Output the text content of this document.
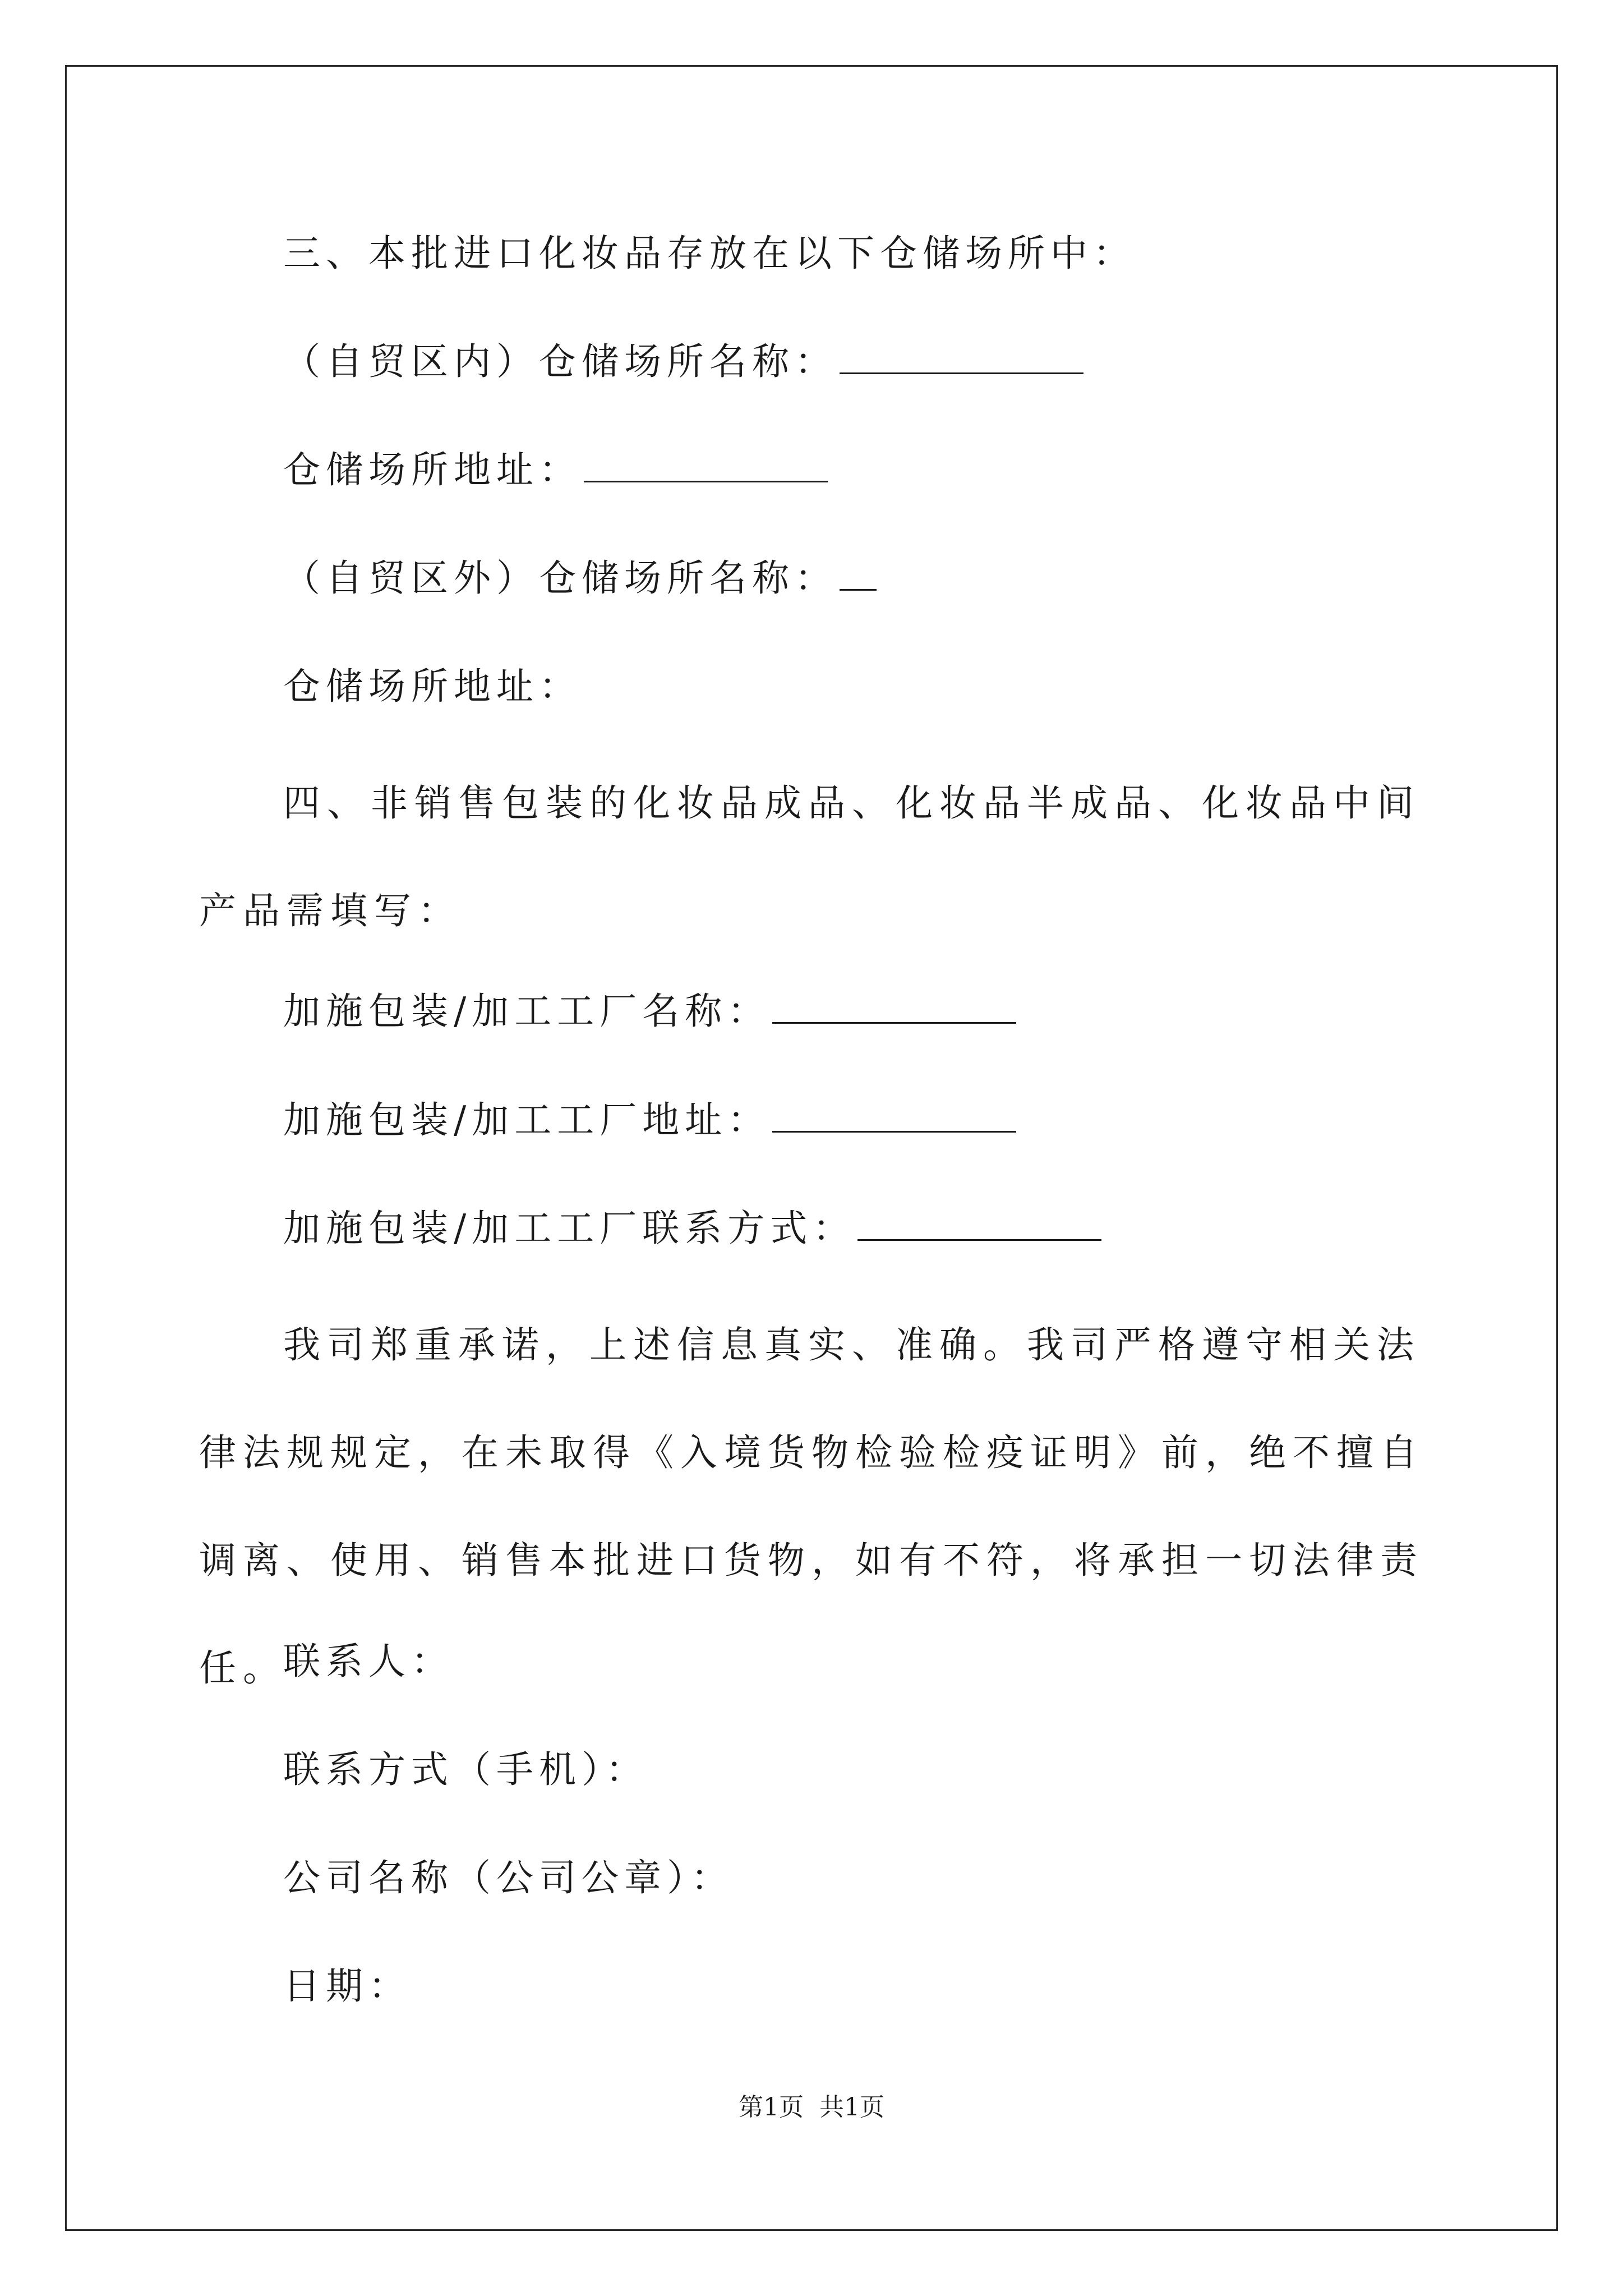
三、本批进口化妆品存放在以下仓储场所中：
（自贸区内）仓储场所名称：
仓储场所地址：
（自贸区外）仓储场所名称：
仓储场所地址：
四、非销售包装的化妆品成品、化妆品半成品、化妆品中间产品需填写：
加施包装/加工工厂名称：
加施包装/加工工厂地址：
加施包装/加工工厂联系方式：
我司郑重承诺，上述信息真实、准确。我司严格遵守相关法律法规规定，在未取得《入境货物检验检疫证明》前，绝不擅自调离、使用、销售本批进口货物，如有不符，将承担一切法律责任。
联系人：
联系方式（手机）：
公司名称（公司公章）：
日期：
第1页 共1页
